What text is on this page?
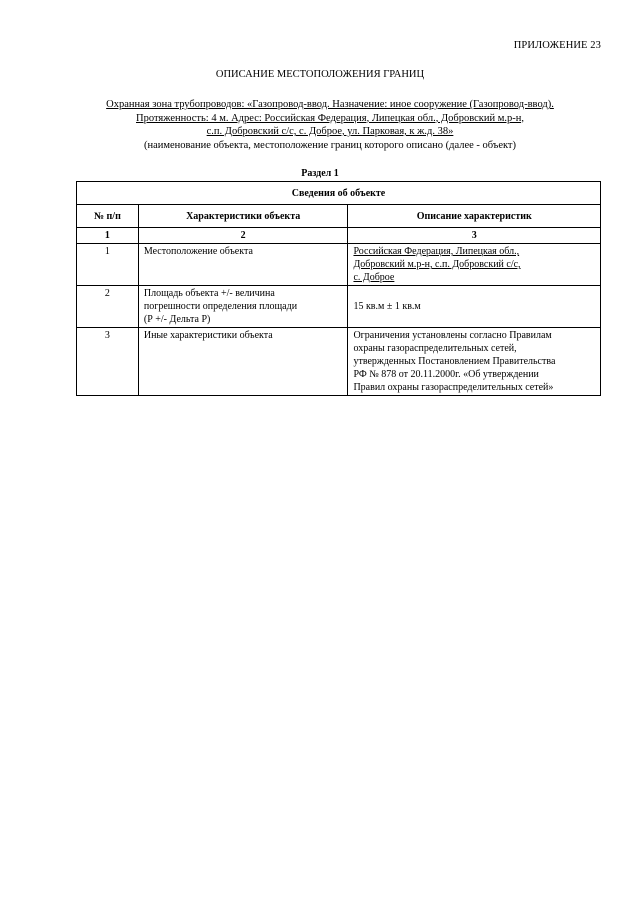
ПРИЛОЖЕНИЕ 23
ОПИСАНИЕ МЕСТОПОЛОЖЕНИЯ ГРАНИЦ
Охранная зона трубопроводов: «Газопровод-ввод. Назначение: иное сооружение (Газопровод-ввод).
Протяженность: 4 м. Адрес: Российская Федерация, Липецкая обл., Добровский м.р-н,
с.п. Добровский с/с, с. Доброе, ул. Парковая, к ж.д. 38»
(наименование объекта, местоположение границ которого описано (далее - объект)
Раздел 1
Сведения об объекте		
№ п/п	Характеристики объекта	Описание характеристик
1	2	3
1	Местоположение объекта	Российская Федерация, Липецкая обл.,
Добровский м.р-н, с.п. Добровский с/с,
с. Доброе

2	Площадь объекта +/- величина
погрешности определения площади
(Р +/- Дельта Р)	15 кв.м ± 1 кв.м

3	Иные характеристики объекта	Ограничения установлены согласно Правилам
охраны газораспределительных сетей,
утвержденных Постановлением Правительства
РФ № 878 от 20.11.2000г. «Об утверждении
Правил охраны газораспределительных сетей»
